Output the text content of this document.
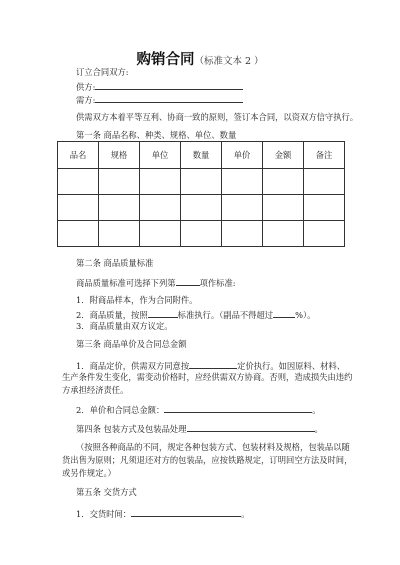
购销合同（标准文本 2 ）
订立合同双方:
供方:
需方:
供需双方本着平等互利、协商一致的原则，签订本合同，以资双方信守执行。
第一条 商品名称、种类、规格、单位、数量
品名	规格	单位	数量	单价	金额	备注

第二条 商品质量标准
商品质量标准可选择下列第	项作标准:
1．附商品样本，作为合同附件。
2．商品质量，按照	标准执行。（副品不得超过	%）。
3．商品质量由双方议定。
第三条 商品单价及合同总金额
1．商品定价，供需双方同意按	定价执行。如因原料、材料、
生产条件发生变化，需变动价格时，应经供需双方协商。否则，造成损失由违约
方承担经济责任。
2．单价和合同总金额：	。
第四条 包装方式及包装品处理	。
（按照各种商品的不同，规定各种包装方式、包装材料及规格，包装品以随
货出售为原则；凡须退还对方的包装品，应按铁路规定，订明回空方法及时间，
或另作规定。）
第五条 交货方式
1．交货时间：	。
